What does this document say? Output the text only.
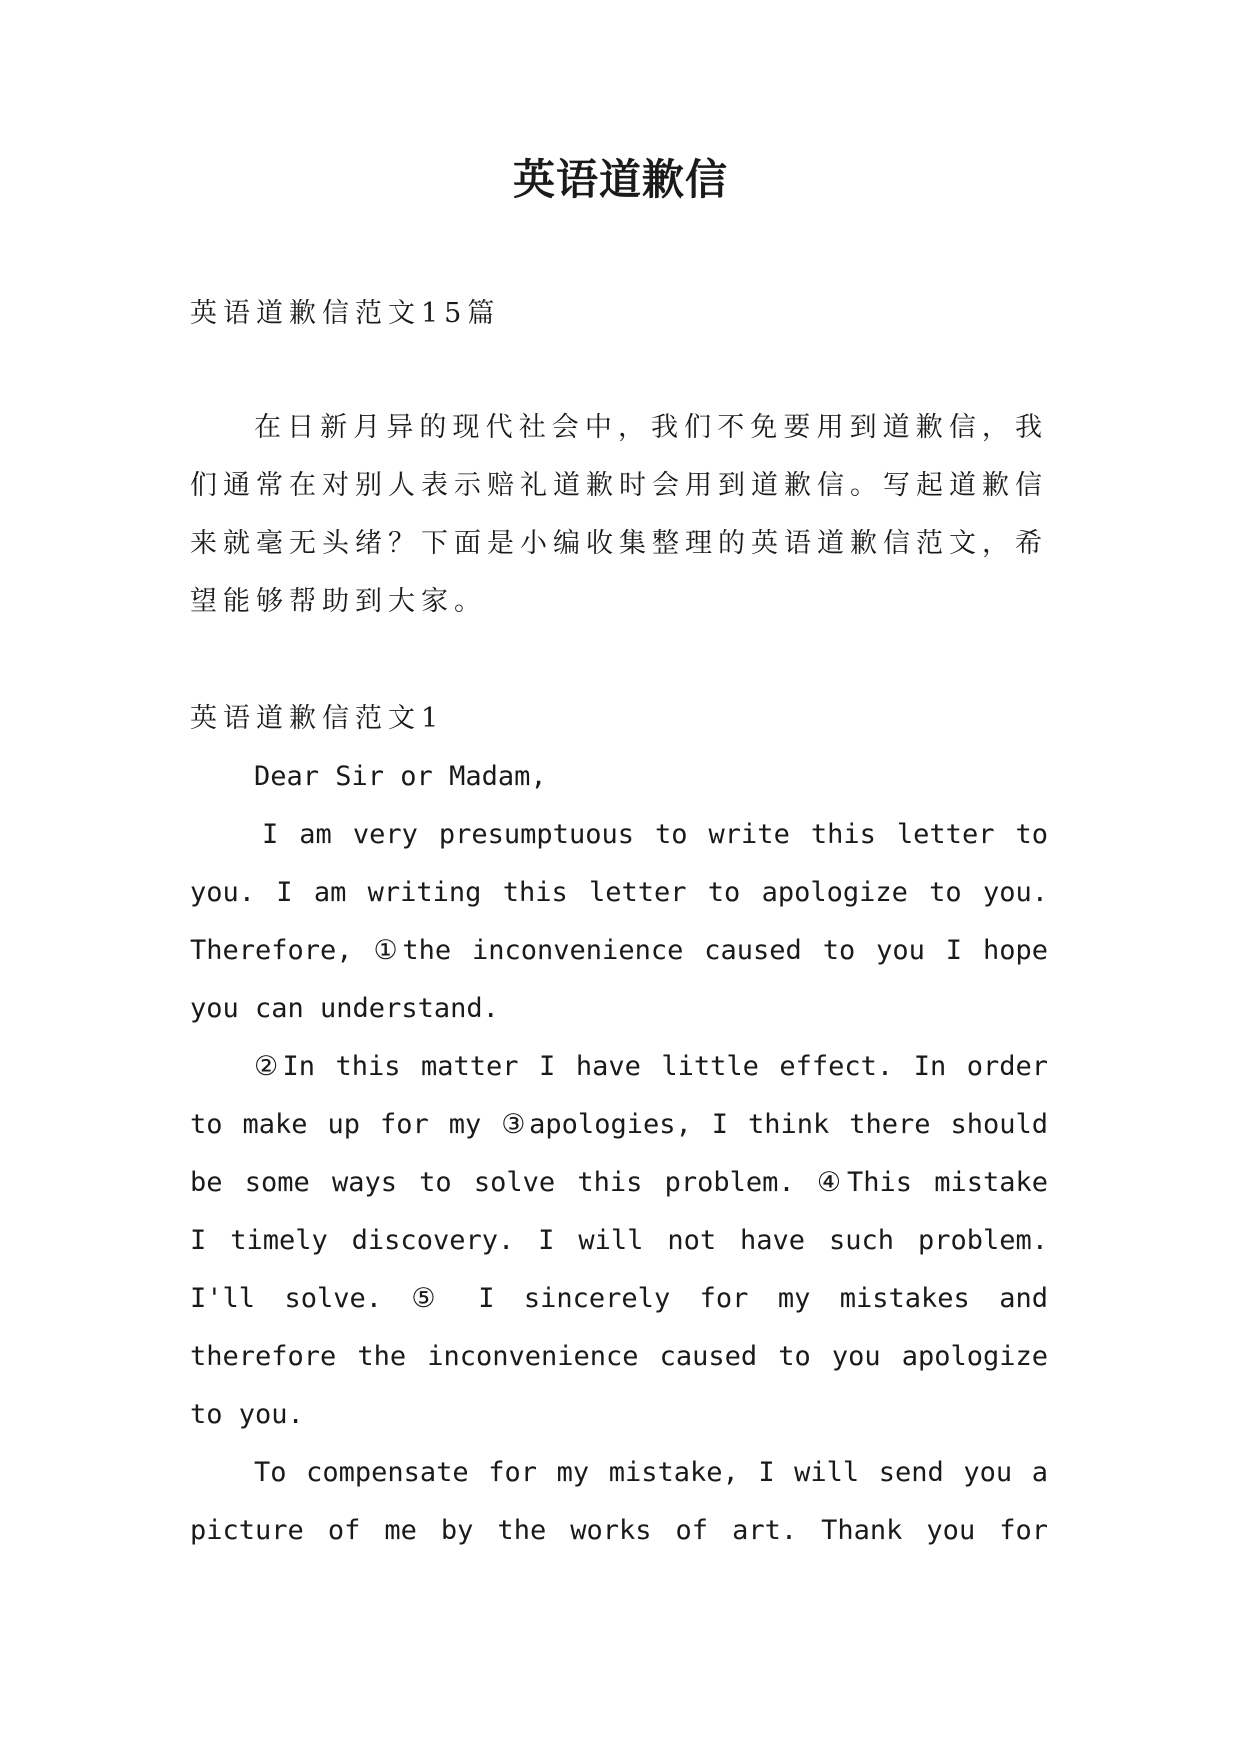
英语道歉信
英语道歉信范文15篇
在日新月异的现代社会中，我们不免要用到道歉信，我
们通常在对别人表示赔礼道歉时会用到道歉信。写起道歉信
来就毫无头绪？下面是小编收集整理的英语道歉信范文，希
望能够帮助到大家。
英语道歉信范文1
Dear Sir or Madam,
I am very presumptuous to write this letter to
you. I am writing this letter to apologize to you.
Therefore, ①the inconvenience caused to you I hope
you can understand.
②In this matter I have little effect. In order
to make up for my ③apologies, I think there should
be some ways to solve this problem. ④This mistake
I timely discovery. I will not have such problem.
I'll solve. ⑤ I sincerely for my mistakes and
therefore the inconvenience caused to you apologize
to you.
To compensate for my mistake, I will send you a
picture of me by the works of art. Thank you for
